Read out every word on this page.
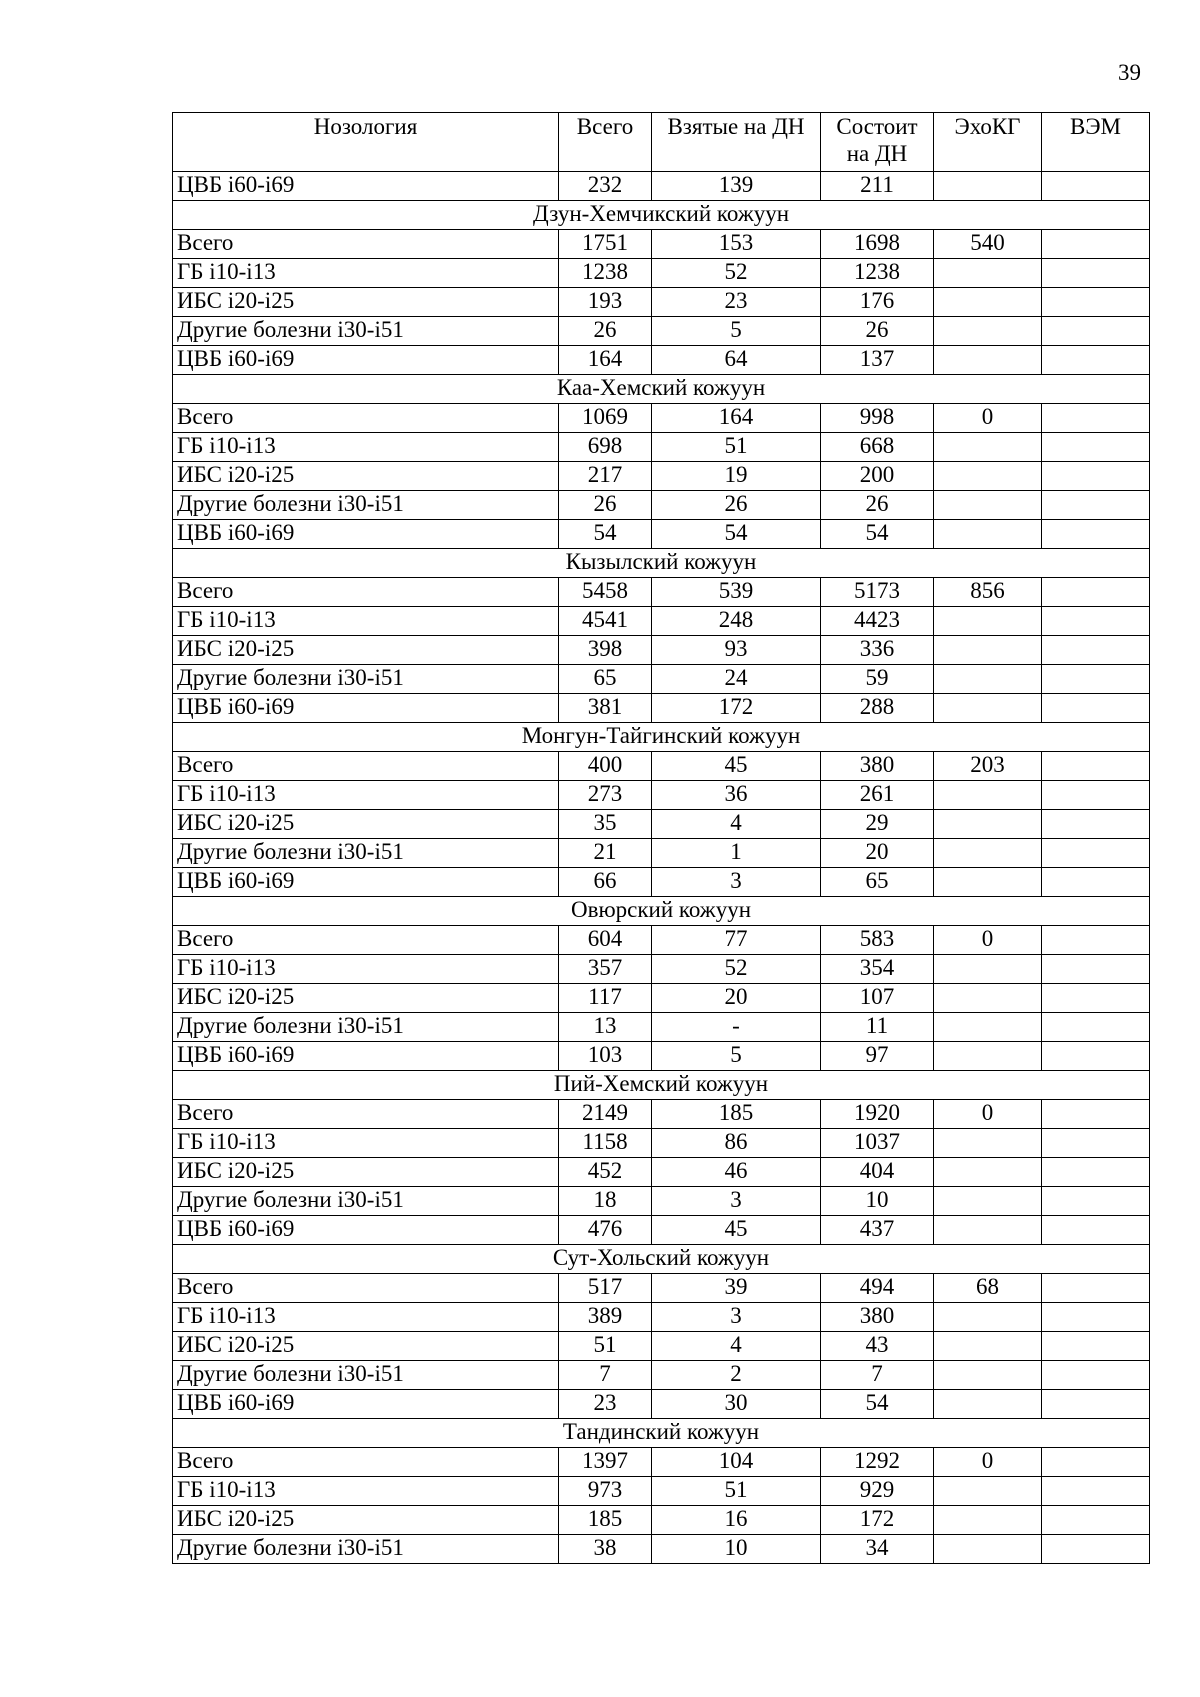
39
Нозология	Всего	Взятые на ДН	Состоит на ДН	ЭхоКГ	ВЭМ
ЦВБ i60-i69	232	139	211		
Дзун-Хемчикский кожуун					
Всего	1751	153	1698	540	
ГБ i10-i13	1238	52	1238		
ИБС i20-i25	193	23	176		
Другие болезни i30-i51	26	5	26		
ЦВБ i60-i69	164	64	137		
Каа-Хемский кожуун					
Всего	1069	164	998	0	
ГБ i10-i13	698	51	668		
ИБС i20-i25	217	19	200		
Другие болезни i30-i51	26	26	26		
ЦВБ i60-i69	54	54	54		
Кызылский кожуун					
Всего	5458	539	5173	856	
ГБ i10-i13	4541	248	4423		
ИБС i20-i25	398	93	336		
Другие болезни i30-i51	65	24	59		
ЦВБ i60-i69	381	172	288		
Монгун-Тайгинский кожуун					
Всего	400	45	380	203	
ГБ i10-i13	273	36	261		
ИБС i20-i25	35	4	29		
Другие болезни i30-i51	21	1	20		
ЦВБ i60-i69	66	3	65		
Овюрский кожуун					
Всего	604	77	583	0	
ГБ i10-i13	357	52	354		
ИБС i20-i25	117	20	107		
Другие болезни i30-i51	13	-	11		
ЦВБ i60-i69	103	5	97		
Пий-Хемский кожуун					
Всего	2149	185	1920	0	
ГБ i10-i13	1158	86	1037		
ИБС i20-i25	452	46	404		
Другие болезни i30-i51	18	3	10		
ЦВБ i60-i69	476	45	437		
Сут-Хольский кожуун					
Всего	517	39	494	68	
ГБ i10-i13	389	3	380		
ИБС i20-i25	51	4	43		
Другие болезни i30-i51	7	2	7		
ЦВБ i60-i69	23	30	54		
Тандинский кожуун					
Всего	1397	104	1292	0	
ГБ i10-i13	973	51	929		
ИБС i20-i25	185	16	172		
Другие болезни i30-i51	38	10	34		
